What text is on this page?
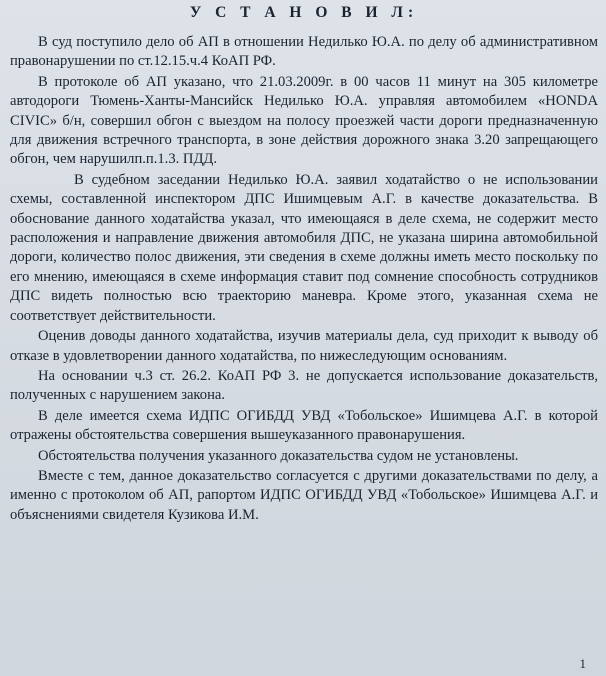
У С Т А Н О В И Л:

В суд поступило дело об АП в отношении Недилько Ю.А. по делу об административном правонарушении по ст.12.15.ч.4 КоАП РФ.

В протоколе об АП указано, что 21.03.2009г. в 00 часов 11 минут на 305 километре автодороги Тюмень-Ханты-Мансийск Недилько Ю.А. управляя автомобилем «HONDA CIVIC» б/н, совершил обгон с выездом на полосу проезжей части дороги предназначенную для движения встречного транспорта, в зоне действия дорожного знака 3.20 запрещающего обгон, чем нарушилп.п.1.3. ПДД.

В судебном заседании Недилько Ю.А. заявил ходатайство о не использовании схемы, составленной инспектором ДПС Ишимцевым А.Г. в качестве доказательства. В обоснование данного ходатайства указал, что имеющаяся в деле схема, не содержит место расположения и направление движения автомобиля ДПС, не указана ширина автомобильной дороги, количество полос движения, эти сведения в схеме должны иметь место поскольку по его мнению, имеющаяся в схеме информация ставит под сомнение способность сотрудников ДПС видеть полностью всю траекторию маневра. Кроме этого, указанная схема не соответствует действительности.

Оценив доводы данного ходатайства, изучив материалы дела, суд приходит к выводу об отказе в удовлетворении данного ходатайства, по нижеследующим основаниям.

На основании ч.3 ст. 26.2. КоАП РФ 3. не допускается использование доказательств, полученных с нарушением закона.

В деле имеется схема ИДПС ОГИБДД УВД «Тобольское» Ишимцева А.Г. в которой отражены обстоятельства совершения вышеуказанного правонарушения.

Обстоятельства получения указанного доказательства судом не установлены.

Вместе с тем, данное доказательство согласуется с другими доказательствами по делу, а именно с протоколом об АП, рапортом ИДПС ОГИБДД УВД «Тобольское» Ишимцева А.Г. и объяснениями свидетеля Кузикова И.М.

1
